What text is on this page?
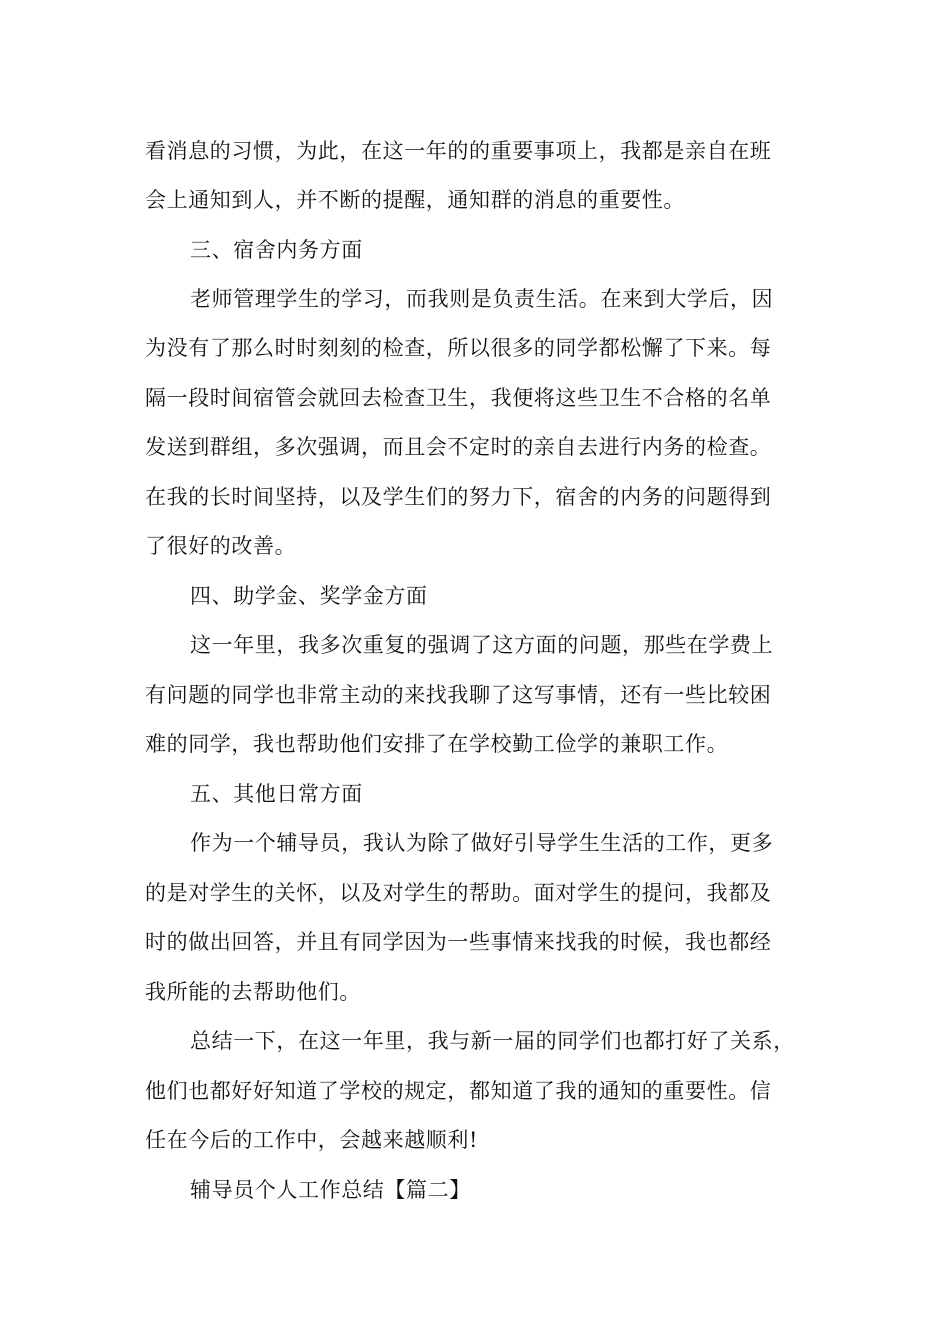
看消息的习惯，为此，在这一年的的重要事项上，我都是亲自在班
会上通知到人，并不断的提醒，通知群的消息的重要性。
三、宿舍内务方面
老师管理学生的学习，而我则是负责生活。在来到大学后，因
为没有了那么时时刻刻的检查，所以很多的同学都松懈了下来。每
隔一段时间宿管会就回去检查卫生，我便将这些卫生不合格的名单
发送到群组，多次强调，而且会不定时的亲自去进行内务的检查。
在我的长时间坚持，以及学生们的努力下，宿舍的内务的问题得到
了很好的改善。
四、助学金、奖学金方面
这一年里，我多次重复的强调了这方面的问题，那些在学费上
有问题的同学也非常主动的来找我聊了这写事情，还有一些比较困
难的同学，我也帮助他们安排了在学校勤工俭学的兼职工作。
五、其他日常方面
作为一个辅导员，我认为除了做好引导学生生活的工作，更多
的是对学生的关怀，以及对学生的帮助。面对学生的提问，我都及
时的做出回答，并且有同学因为一些事情来找我的时候，我也都经
我所能的去帮助他们。
总结一下，在这一年里，我与新一届的同学们也都打好了关系，
他们也都好好知道了学校的规定，都知道了我的通知的重要性。信
任在今后的工作中，会越来越顺利!
辅导员个人工作总结【篇二】
